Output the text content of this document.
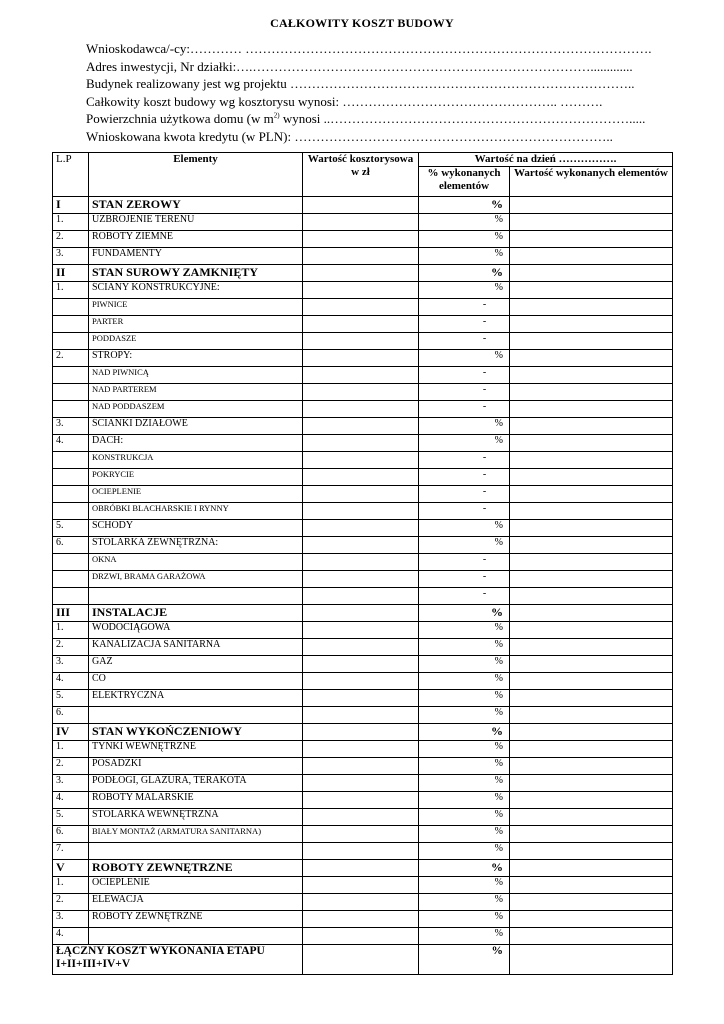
CAŁKOWITY KOSZT BUDOWY
Wnioskodawca/-cy:………… ………………………………………………………………………………….
Adres inwestycji, Nr działki:….…………………………………………………………………….............
Budynek realizowany jest wg projektu ……………………………………………………………………..
Całkowity koszt budowy wg kosztorysu wynosi: ………………………………………….. ……….
Powierzchnia użytkowa domu (w $m^{2)}$ wynosi ..…………………………………………………………….....
Wnioskowana kwota kredytu (w PLN): ………………………………………………………………..
L.P	Elementy	Wartość kosztorysowa w zł	Wartość na dzień …………….	
			% wykonanych elementów	Wartość wykonanych elementów
I	STAN ZEROWY		%	
1.	UZBROJENIE TERENU		%	
2.	ROBOTY ZIEMNE		%	
3.	FUNDAMENTY		%	
II	STAN SUROWY ZAMKNIĘTY		%	
1.	ŚCIANY KONSTRUKCYJNE:		%	
	PIWNICE		-	
	PARTER		-	
	PODDASZE		-	
2.	STROPY:		%	
	NAD PIWNICĄ		-	
	NAD PARTEREM		-	
	NAD PODDASZEM		-	
3.	ŚCIANKI DZIAŁOWE		%	
4.	DACH:		%	
	KONSTRUKCJA		-	
	POKRYCIE		-	
	OCIEPLENIE		-	
	OBRÓBKI BLACHARSKIE I RYNNY		-	
5.	SCHODY		%	
6.	STOLARKA ZEWNĘTRZNA:		%	
	OKNA		-	
	DRZWI, BRAMA GARAŻOWA		-	
			-	
III	INSTALACJE		%	
1.	WODOCIĄGOWA		%	
2.	KANALIZACJA SANITARNA		%	
3.	GAZ		%	
4.	CO		%	
5.	ELEKTRYCZNA		%	
6.			%	
IV	STAN WYKOŃCZENIOWY		%	
1.	TYNKI WEWNĘTRZNE		%	
2.	POSADZKI		%	
3.	PODŁOGI, GLAZURA, TERAKOTA		%	
4.	ROBOTY MALARSKIE		%	
5.	STOLARKA WEWNĘTRZNA		%	
6.	BIAŁY MONTAŻ (ARMATURA SANITARNA)		%	
7.			%	
V	ROBOTY ZEWNĘTRZNE		%	
1.	OCIEPLENIE		%	
2.	ELEWACJA		%	
3.	ROBOTY ZEWNĘTRZNE		%	
4.			%	
ŁĄCZNY KOSZT WYKONANIA ETAPU I+II+III+IV+V			%	
